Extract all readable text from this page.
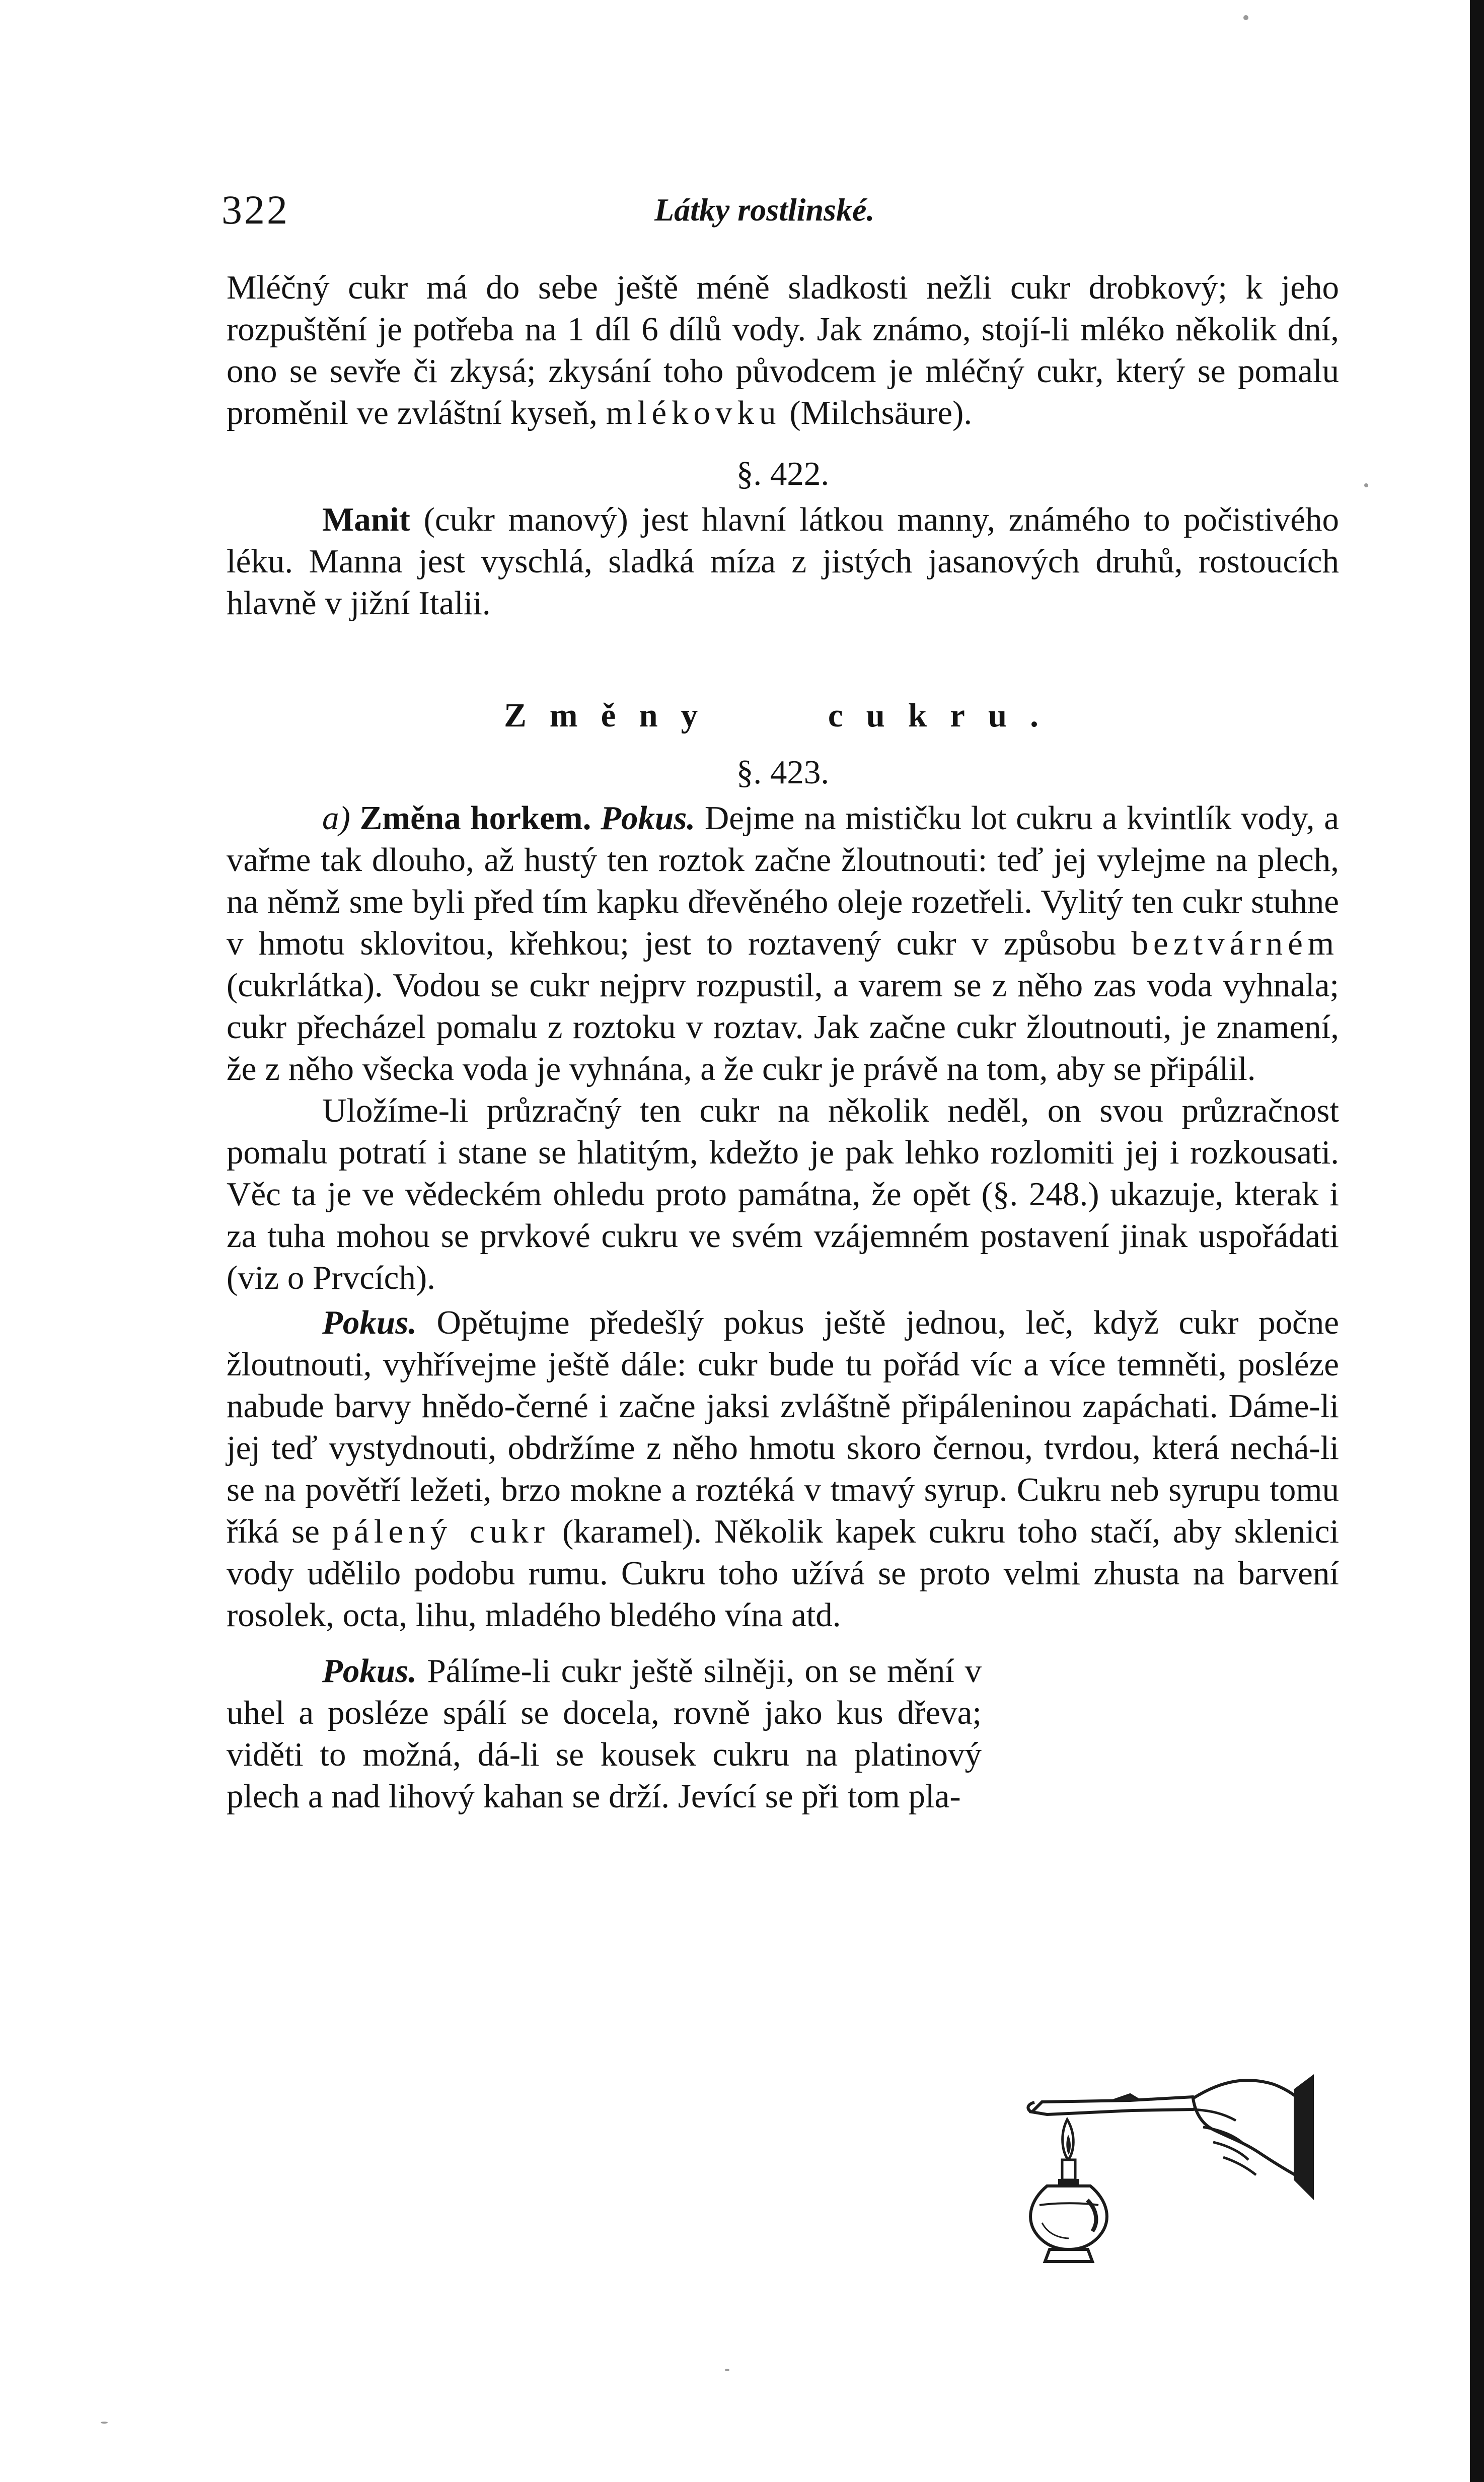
322	Látky rostlinské.

Mléčný cukr má do sebe ještě méně sladkosti nežli cukr drobkový; k jeho rozpuštění je potřeba na 1 díl 6 dílů vody. Jak známo, stojí-li mléko několik dní, ono se sevře či zkysá; zkysání toho původcem je mléčný cukr, který se pomalu proměnil ve zvláštní kyseň, mlékovku (Milchsäure).

§. 422.

Manit (cukr manový) jest hlavní látkou manny, známého to počistivého léku. Manna jest vyschlá, sladká míza z jistých jasanových druhů, rostoucích hlavně v jižní Italii.

Změny cukru.

§. 423.

a) Změna horkem. Pokus. Dejme na mističku lot cukru a kvintlík vody, a vařme tak dlouho, až hustý ten roztok začne žloutnouti: teď jej vylejme na plech, na němž sme byli před tím kapku dřevěného oleje rozetřeli. Vylitý ten cukr stuhne v hmotu sklovitou, křehkou; jest to roztavený cukr v způsobu beztvárném (cukrlátka). Vodou se cukr nejprv rozpustil, a varem se z něho zas voda vyhnala; cukr přecházel pomalu z roztoku v roztav. Jak začne cukr žloutnouti, je znamení, že z něho všecka voda je vyhnána, a že cukr je právě na tom, aby se připálil.

Uložíme-li průzračný ten cukr na několik neděl, on svou průzračnost pomalu potratí i stane se hlatitým, kdežto je pak lehko rozlomiti jej i rozkousati. Věc ta je ve vědeckém ohledu proto památna, že opět (§. 248.) ukazuje, kterak i za tuha mohou se prvkové cukru ve svém vzájemném postavení jinak uspořádati (viz o Prvcích).

Pokus. Opětujme předešlý pokus ještě jednou, leč, když cukr počne žloutnouti, vyhřívejme ještě dále: cukr bude tu pořád víc a více temněti, posléze nabude barvy hnědo-černé i začne jaksi zvláštně připáleninou zapáchati. Dáme-li jej teď vystydnouti, obdržíme z něho hmotu skoro černou, tvrdou, která nechá-li se na povětří ležeti, brzo mokne a roztéká v tmavý syrup. Cukru neb syrupu tomu říká se pálený cukr (karamel). Několik kapek cukru toho stačí, aby sklenici vody udělilo podobu rumu. Cukru toho užívá se proto velmi zhusta na barvení rosolek, octa, lihu, mladého bledého vína atd.

Pokus. Pálíme-li cukr ještě silněji, on se mění v uhel a posléze spálí se docela, rovně jako kus dřeva; viděti to možná, dá-li se kousek cukru na platinový plech a nad lihový kahan se drží. Jevící se při tom pla-
